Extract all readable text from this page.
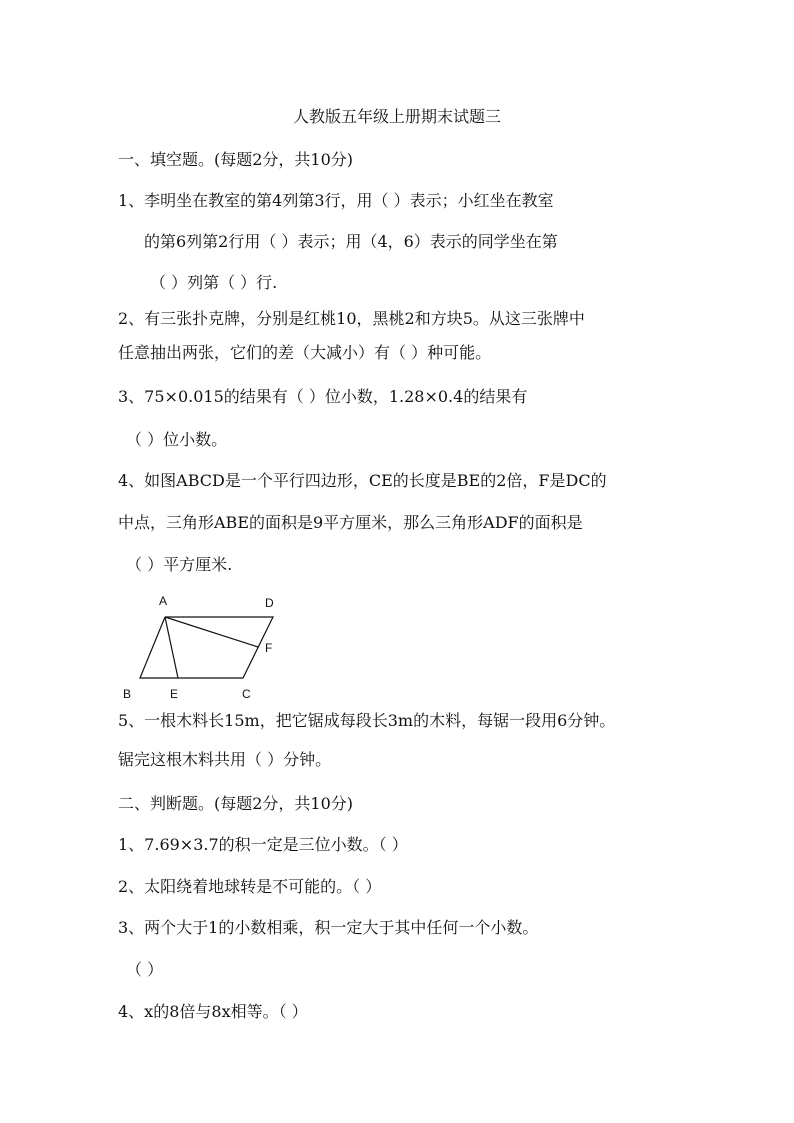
人教版五年级上册期末试题三
一、填空题。(每题2分，共10分)
1、李明坐在教室的第4列第3行，用（ ）表示；小红坐在教室
的第6列第2行用（ ）表示；用（4，6）表示的同学坐在第
（ ）列第（ ）行.
2、有三张扑克牌，分别是红桃10，黑桃2和方块5。从这三张牌中
任意抽出两张，它们的差（大减小）有（ ）种可能。
3、75×0.015的结果有（ ）位小数，1.28×0.4的结果有
（ ）位小数。
4、如图ABCD是一个平行四边形，CE的长度是BE的2倍，F是DC的
中点，三角形ABE的面积是9平方厘米，那么三角形ADF的面积是
（ ）平方厘米.
A	D
F
B	E	C
5、一根木料长15m，把它锯成每段长3m的木料，每锯一段用6分钟。
锯完这根木料共用（ ）分钟。
二、判断题。(每题2分，共10分)
1、7.69×3.7的积一定是三位小数。（ ）
2、太阳绕着地球转是不可能的。（ ）
3、两个大于1的小数相乘，积一定大于其中任何一个小数。
（ ）
4、x的8倍与8x相等。（ ）
